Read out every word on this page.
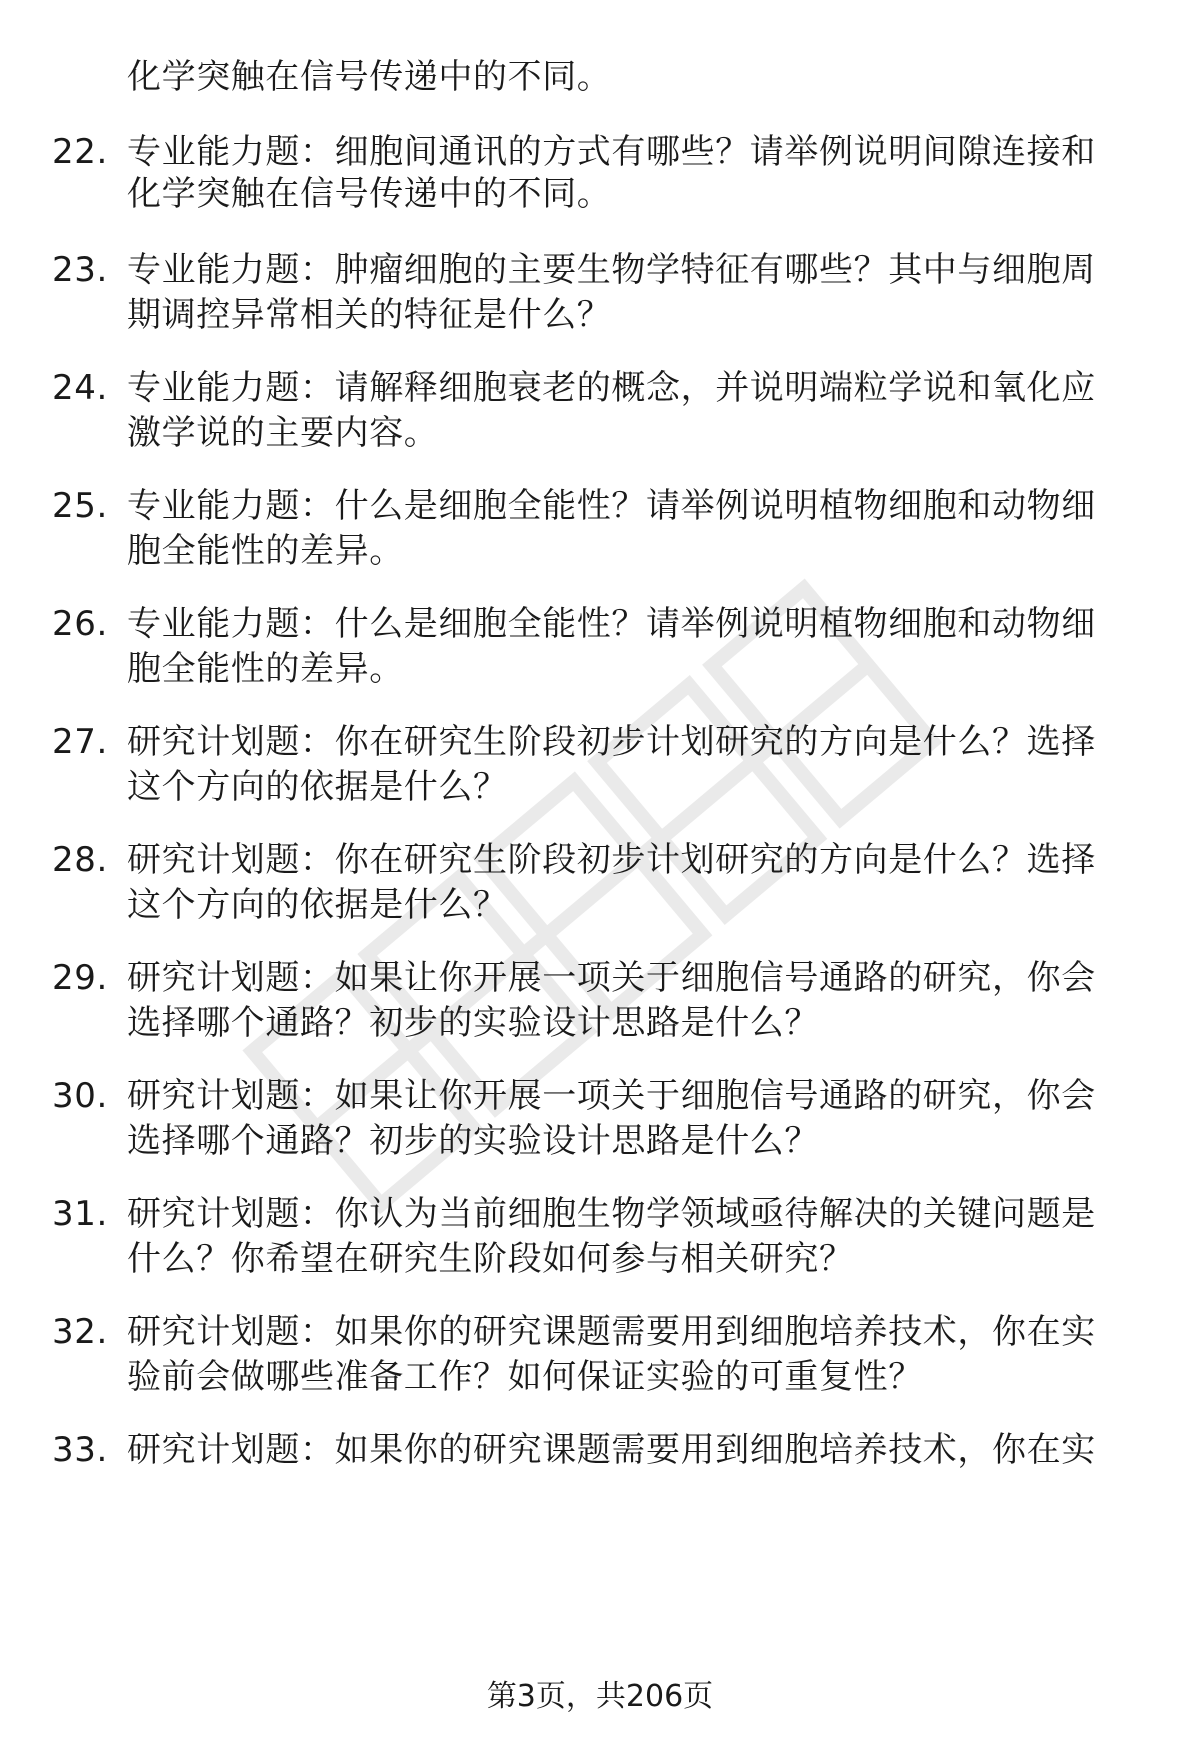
化学突触在信号传递中的不同。
22. 专业能力题：细胞间通讯的方式有哪些？请举例说明间隙连接和
化学突触在信号传递中的不同。
23. 专业能力题：肿瘤细胞的主要生物学特征有哪些？其中与细胞周
期调控异常相关的特征是什么？
24. 专业能力题：请解释细胞衰老的概念，并说明端粒学说和氧化应
激学说的主要内容。
25. 专业能力题：什么是细胞全能性？请举例说明植物细胞和动物细
胞全能性的差异。
26. 专业能力题：什么是细胞全能性？请举例说明植物细胞和动物细
胞全能性的差异。
27. 研究计划题：你在研究生阶段初步计划研究的方向是什么？选择
这个方向的依据是什么？
28. 研究计划题：你在研究生阶段初步计划研究的方向是什么？选择
这个方向的依据是什么？
29. 研究计划题：如果让你开展一项关于细胞信号通路的研究，你会
选择哪个通路？初步的实验设计思路是什么？
30. 研究计划题：如果让你开展一项关于细胞信号通路的研究，你会
选择哪个通路？初步的实验设计思路是什么？
31. 研究计划题：你认为当前细胞生物学领域亟待解决的关键问题是
什么？你希望在研究生阶段如何参与相关研究？
32. 研究计划题：如果你的研究课题需要用到细胞培养技术，你在实
验前会做哪些准备工作？如何保证实验的可重复性？
33. 研究计划题：如果你的研究课题需要用到细胞培养技术，你在实
第3页，共206页
